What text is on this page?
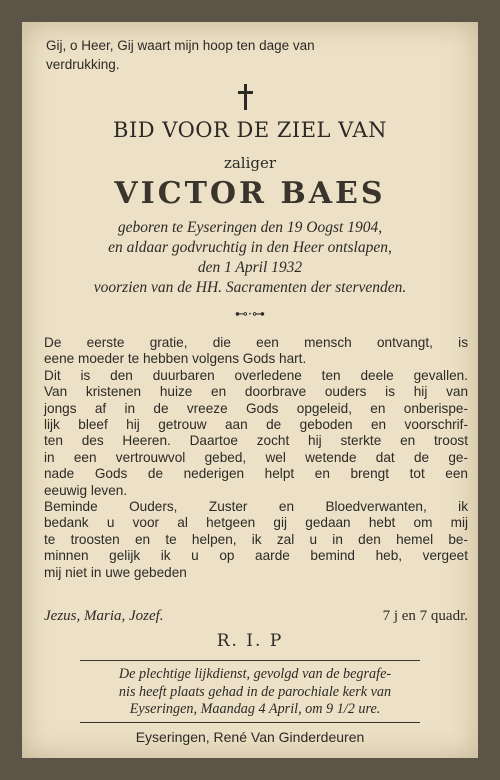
Gij, o Heer, Gij waart mijn hoop ten dage van
verdrukking.
BID VOOR DE ZIEL VAN
zaliger
VICTOR BAES
geboren te Eyseringen den 19 Oogst 1904,
en aldaar godvruchtig in den Heer ontslapen,
den 1 April 1932
voorzien van de HH. Sacramenten der stervenden.
⊷·⊶
De eerste gratie, die een mensch ontvangt, is
eene moeder te hebben volgens Gods hart.
Dit is den duurbaren overledene ten deele gevallen.
Van kristenen huize en doorbrave ouders is hij van
jongs af in de vreeze Gods opgeleid, en onberispe-
lijk bleef hij getrouw aan de geboden en voorschrif-
ten des Heeren. Daartoe zocht hij sterkte en troost
in een vertrouwvol gebed, wel wetende dat de ge-
nade Gods de nederigen helpt en brengt tot een
eeuwig leven.
Beminde Ouders, Zuster en Bloedverwanten, ik
bedank u voor al hetgeen gij gedaan hebt om mij
te troosten en te helpen, ik zal u in den hemel be-
minnen gelijk ik u op aarde bemind heb, vergeet
mij niet in uwe gebeden
Jezus, Maria, Jozef.	7 j en 7 quadr.
R. I. P
De plechtige lijkdienst, gevolgd van de begrafe-
nis heeft plaats gehad in de parochiale kerk van
Eyseringen, Maandag 4 April, om 9 1/2 ure.
Eyseringen, René Van Ginderdeuren
